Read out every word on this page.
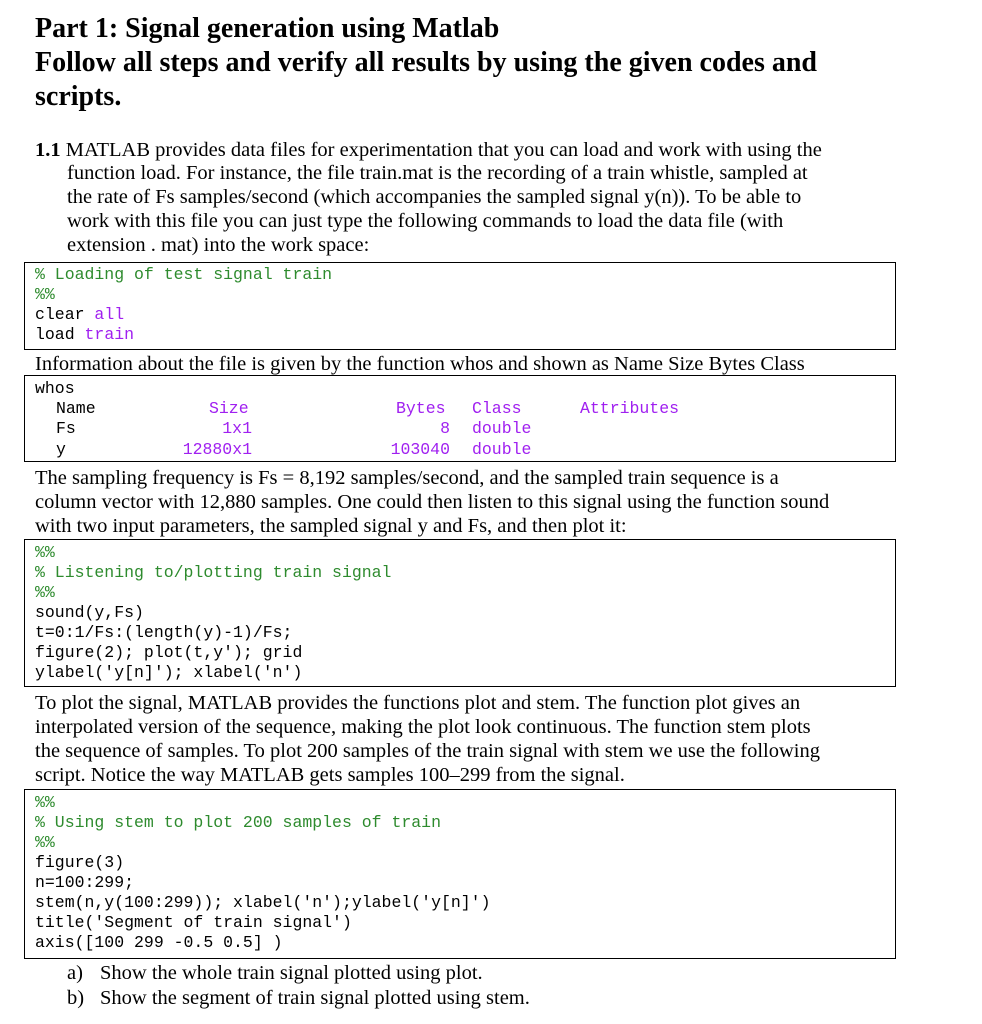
Part 1: Signal generation using Matlab
Follow all steps and verify all results by using the given codes and
scripts.
1.1 MATLAB provides data files for experimentation that you can load and work with using the
function load. For instance, the file train.mat is the recording of a train whistle, sampled at
the rate of Fs samples/second (which accompanies the sampled signal y(n)). To be able to
work with this file you can just type the following commands to load the data file (with
extension . mat) into the work space:
% Loading of test signal train
%%
clear all
load train
Information about the file is given by the function whos and shown as Name Size Bytes Class
whos
Name	Size	Bytes Class	Attributes
Fs	1x1	8 double
y	12880x1	103040 double
The sampling frequency is Fs = 8,192 samples/second, and the sampled train sequence is a
column vector with 12,880 samples. One could then listen to this signal using the function sound
with two input parameters, the sampled signal y and Fs, and then plot it:
%%
% Listening to/plotting train signal
%%
sound(y,Fs)
t=0:1/Fs:(length(y)-1)/Fs;
figure(2); plot(t,y'); grid
ylabel('y[n]'); xlabel('n')
To plot the signal, MATLAB provides the functions plot and stem. The function plot gives an
interpolated version of the sequence, making the plot look continuous. The function stem plots
the sequence of samples. To plot 200 samples of the train signal with stem we use the following
script. Notice the way MATLAB gets samples 100–299 from the signal.
%%
% Using stem to plot 200 samples of train
%%
figure(3)
n=100:299;
stem(n,y(100:299)); xlabel('n');ylabel('y[n]')
title('Segment of train signal')
axis([100 299 -0.5 0.5] )
a) Show the whole train signal plotted using plot.
b) Show the segment of train signal plotted using stem.
